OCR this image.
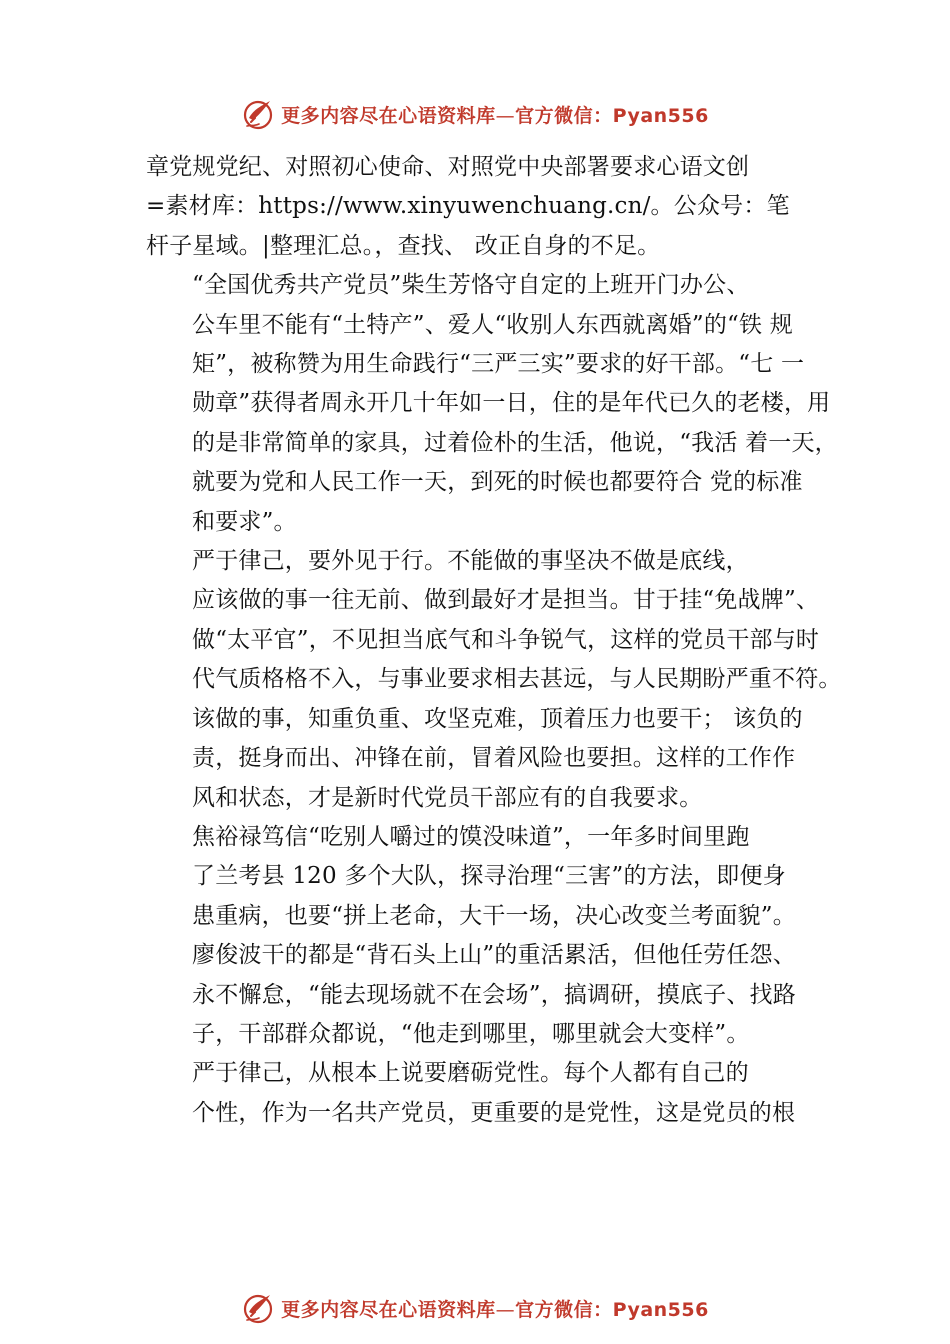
更多内容尽在心语资料库—官方微信：Pyan556

章党规党纪、对照初心使命、对照党中央部署要求心语文创
=素材库：https://www.xinyuwenchuang.cn/。公众号：笔
杆子星域。|整理汇总。，查找、 改正自身的不足。

“全国优秀共产党员”柴生芳恪守自定的上班开门办公、
公车里不能有“土特产”、爱人“收别人东西就离婚”的“铁 规
矩”，被称赞为用生命践行“三严三实”要求的好干部。“七 一
勋章”获得者周永开几十年如一日，住的是年代已久的老楼，用
的是非常简单的家具，过着俭朴的生活，他说，“我活 着一天，
就要为党和人民工作一天，到死的时候也都要符合 党的标准
和要求”。

严于律己，要外见于行。不能做的事坚决不做是底线，
应该做的事一往无前、做到最好才是担当。甘于挂“免战牌”、
做“太平官”，不见担当底气和斗争锐气，这样的党员干部与时
代气质格格不入，与事业要求相去甚远，与人民期盼严重不符。
该做的事，知重负重、攻坚克难，顶着压力也要干； 该负的
责，挺身而出、冲锋在前，冒着风险也要担。这样的工作作
风和状态，才是新时代党员干部应有的自我要求。

焦裕禄笃信“吃别人嚼过的馍没味道”，一年多时间里跑
了兰考县 120 多个大队，探寻治理“三害”的方法，即便身
患重病，也要“拼上老命，大干一场，决心改变兰考面貌”。
廖俊波干的都是“背石头上山”的重活累活，但他任劳任怨、
永不懈怠，“能去现场就不在会场”，搞调研，摸底子、找路
子，干部群众都说，“他走到哪里，哪里就会大变样”。

严于律己，从根本上说要磨砺党性。每个人都有自己的
个性，作为一名共产党员，更重要的是党性，这是党员的根

更多内容尽在心语资料库—官方微信：Pyan556
